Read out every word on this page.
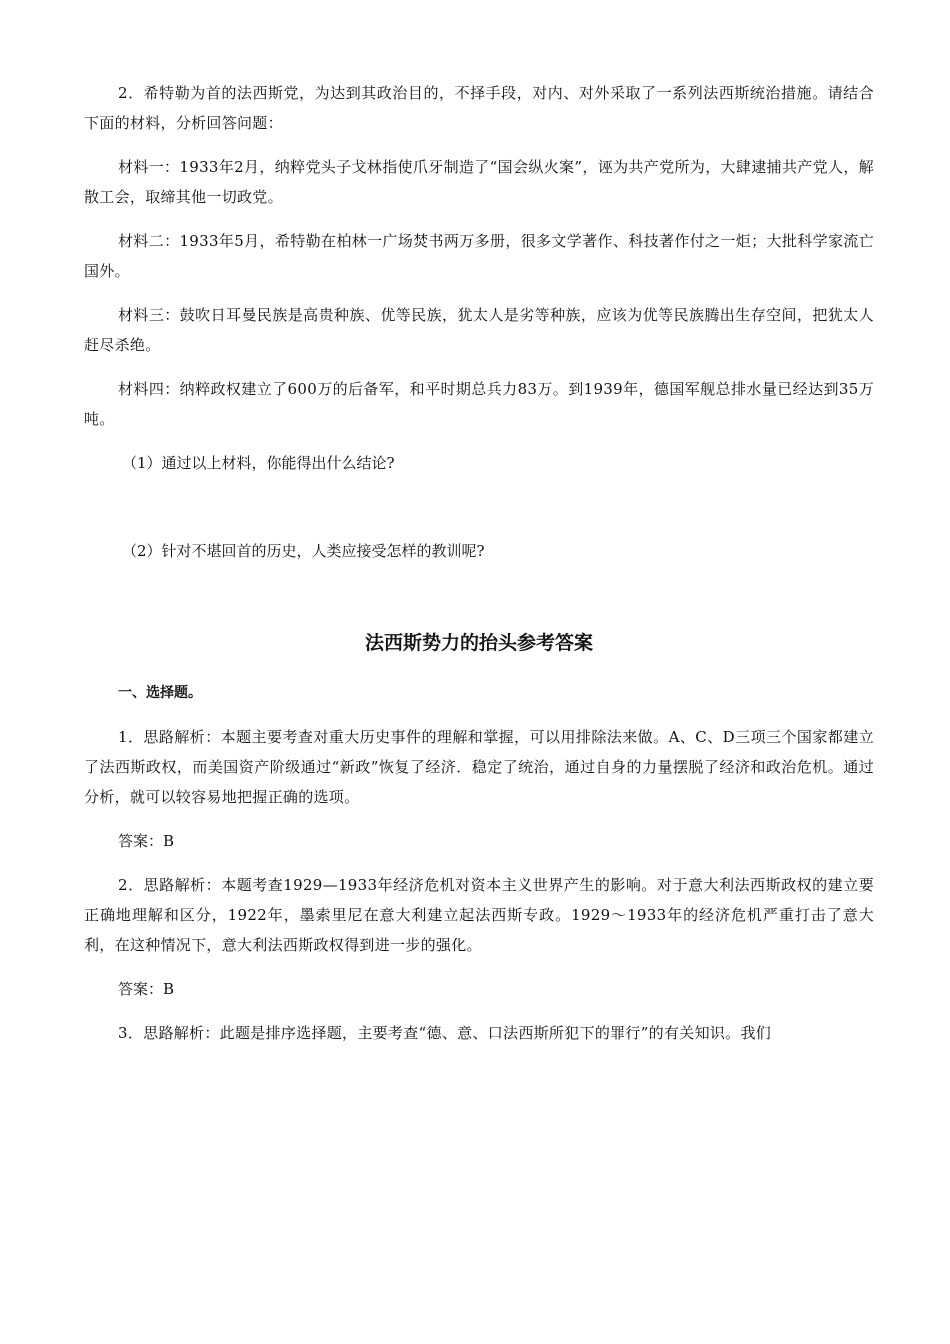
2．希特勒为首的法西斯党，为达到其政治目的，不择手段，对内、对外采取了一系列法西斯统治措施。请结合下面的材料，分析回答问题：

材料一：1933年2月，纳粹党头子戈林指使爪牙制造了“国会纵火案”，诬为共产党所为，大肆逮捕共产党人，解散工会，取缔其他一切政党。

材料二：1933年5月，希特勒在柏林一广场焚书两万多册，很多文学著作、科技著作付之一炬；大批科学家流亡国外。

材料三：鼓吹日耳曼民族是高贵种族、优等民族，犹太人是劣等种族，应该为优等民族腾出生存空间，把犹太人赶尽杀绝。

材料四：纳粹政权建立了600万的后备军，和平时期总兵力83万。到1939年，德国军舰总排水量已经达到35万吨。

（1）通过以上材料，你能得出什么结论?

（2）针对不堪回首的历史，人类应接受怎样的教训呢?

法西斯势力的抬头参考答案

一、选择题。

1．思路解析：本题主要考查对重大历史事件的理解和掌握，可以用排除法来做。A、C、D三项三个国家都建立了法西斯政权，而美国资产阶级通过“新政”恢复了经济．稳定了统治，通过自身的力量摆脱了经济和政治危机。通过分析，就可以较容易地把握正确的选项。

答案：B

2．思路解析：本题考查1929—1933年经济危机对资本主义世界产生的影响。对于意大利法西斯政权的建立要正确地理解和区分，1922年，墨索里尼在意大利建立起法西斯专政。1929～1933年的经济危机严重打击了意大利，在这种情况下，意大利法西斯政权得到进一步的强化。

答案：B

3．思路解析：此题是排序选择题，主要考查“德、意、口法西斯所犯下的罪行”的有关知识。我们
